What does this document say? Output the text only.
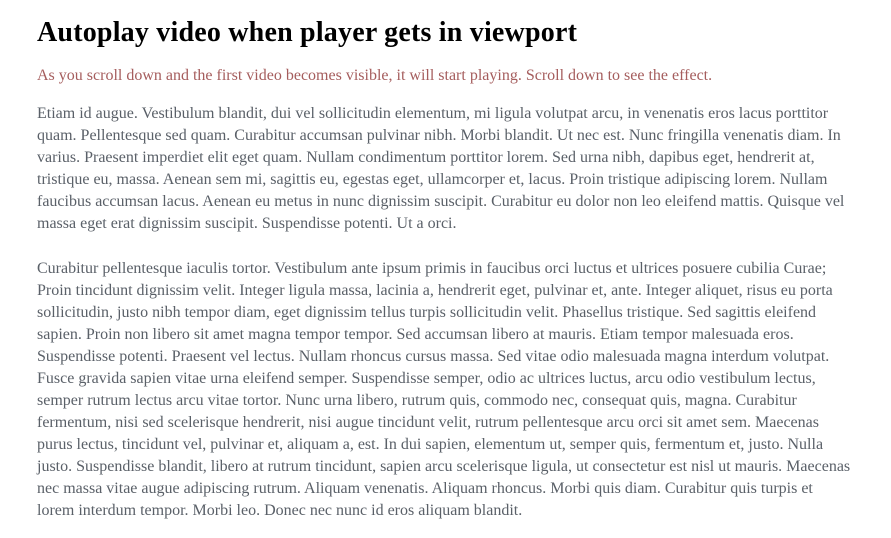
Autoplay video when player gets in viewport

As you scroll down and the first video becomes visible, it will start playing. Scroll down to see the effect.

Etiam id augue. Vestibulum blandit, dui vel sollicitudin elementum, mi ligula volutpat arcu, in venenatis eros lacus porttitor quam. Pellentesque sed quam. Curabitur accumsan pulvinar nibh. Morbi blandit. Ut nec est. Nunc fringilla venenatis diam. In varius. Praesent imperdiet elit eget quam. Nullam condimentum porttitor lorem. Sed urna nibh, dapibus eget, hendrerit at, tristique eu, massa. Aenean sem mi, sagittis eu, egestas eget, ullamcorper et, lacus. Proin tristique adipiscing lorem. Nullam faucibus accumsan lacus. Aenean eu metus in nunc dignissim suscipit. Curabitur eu dolor non leo eleifend mattis. Quisque vel massa eget erat dignissim suscipit. Suspendisse potenti. Ut a orci.

Curabitur pellentesque iaculis tortor. Vestibulum ante ipsum primis in faucibus orci luctus et ultrices posuere cubilia Curae; Proin tincidunt dignissim velit. Integer ligula massa, lacinia a, hendrerit eget, pulvinar et, ante. Integer aliquet, risus eu porta sollicitudin, justo nibh tempor diam, eget dignissim tellus turpis sollicitudin velit. Phasellus tristique. Sed sagittis eleifend sapien. Proin non libero sit amet magna tempor tempor. Sed accumsan libero at mauris. Etiam tempor malesuada eros. Suspendisse potenti. Praesent vel lectus. Nullam rhoncus cursus massa. Sed vitae odio malesuada magna interdum volutpat. Fusce gravida sapien vitae urna eleifend semper. Suspendisse semper, odio ac ultrices luctus, arcu odio vestibulum lectus, semper rutrum lectus arcu vitae tortor. Nunc urna libero, rutrum quis, commodo nec, consequat quis, magna. Curabitur fermentum, nisi sed scelerisque hendrerit, nisi augue tincidunt velit, rutrum pellentesque arcu orci sit amet sem. Maecenas purus lectus, tincidunt vel, pulvinar et, aliquam a, est. In dui sapien, elementum ut, semper quis, fermentum et, justo. Nulla justo. Suspendisse blandit, libero at rutrum tincidunt, sapien arcu scelerisque ligula, ut consectetur est nisl ut mauris. Maecenas nec massa vitae augue adipiscing rutrum. Aliquam venenatis. Aliquam rhoncus. Morbi quis diam. Curabitur quis turpis et lorem interdum tempor. Morbi leo. Donec nec nunc id eros aliquam blandit.
